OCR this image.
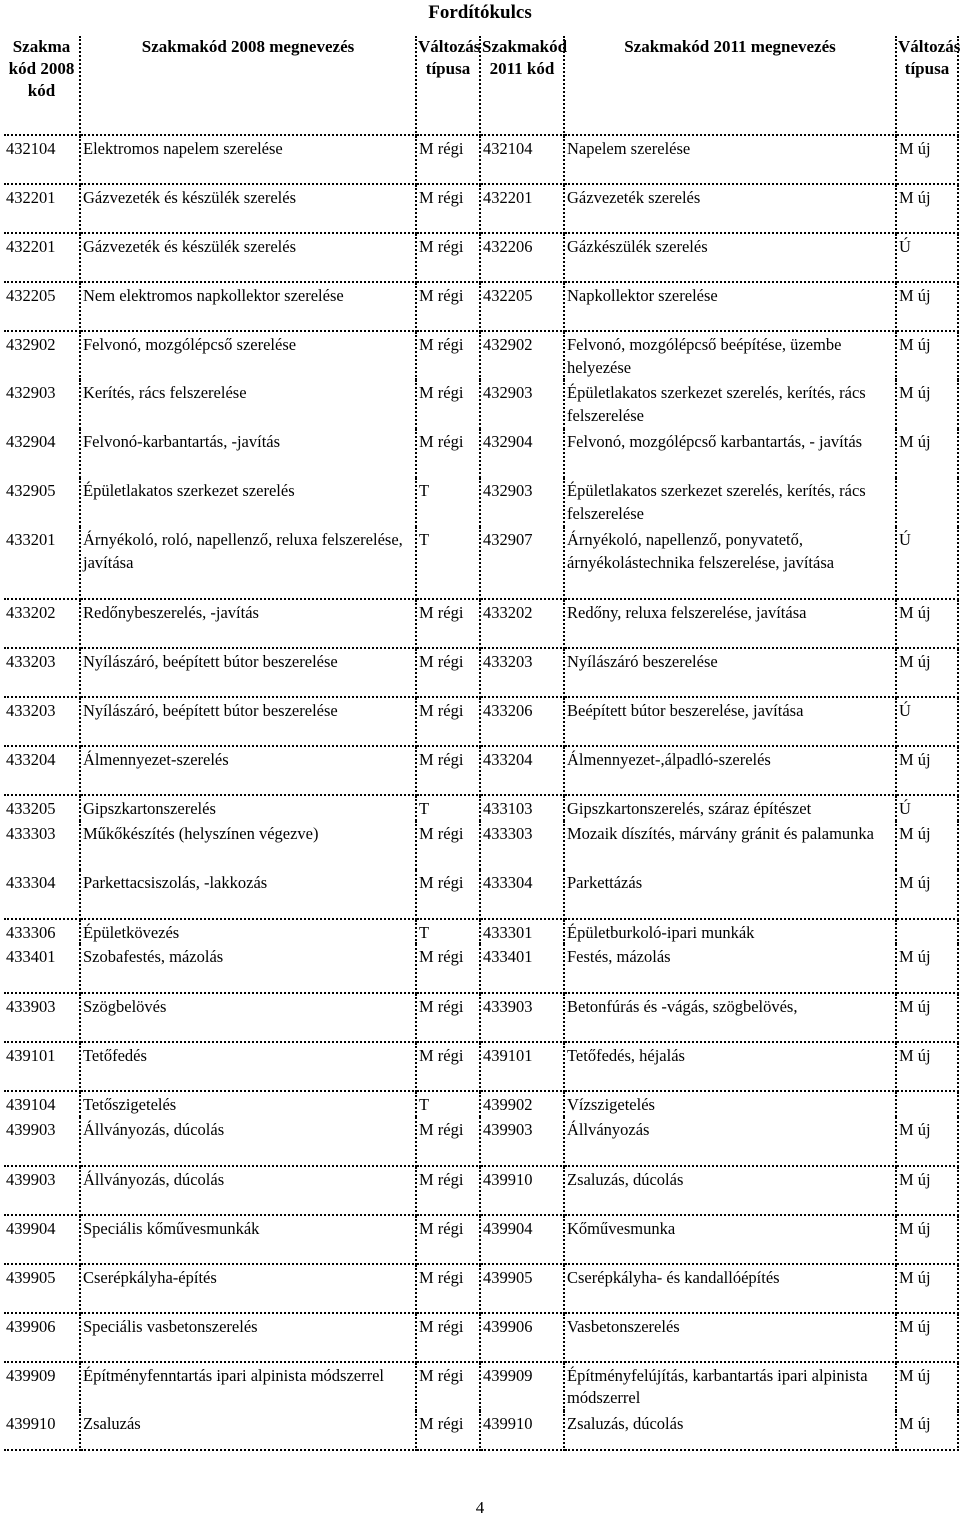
Fordítókulcs
Szakma kód 2008 kód	Szakmakód 2008 megnevezés	Változás típusa	Szakmakód 2011 kód	Szakmakód 2011 megnevezés	Változás típusa
432104	Elektromos napelem szerelése	M régi	432104	Napelem szerelése	M új
432201	Gázvezeték és készülék szerelés	M régi	432201	Gázvezeték szerelés	M új
432201	Gázvezeték és készülék szerelés	M régi	432206	Gázkészülék szerelés	Ú
432205	Nem elektromos napkollektor szerelése	M régi	432205	Napkollektor szerelése	M új
432902	Felvonó, mozgólépcső szerelése	M régi	432902	Felvonó, mozgólépcső beépítése, üzembe helyezése	M új
432903	Kerítés, rács felszerelése	M régi	432903	Épületlakatos szerkezet szerelés, kerítés, rács felszerelése	M új
432904	Felvonó-karbantartás, -javítás	M régi	432904	Felvonó, mozgólépcső karbantartás, - javítás	M új
432905	Épületlakatos szerkezet szerelés	T	432903	Épületlakatos szerkezet szerelés, kerítés, rács felszerelése	
433201	Árnyékoló, roló, napellenző, reluxa felszerelése, javítása	T	432907	Árnyékoló, napellenző, ponyvatető, árnyékolástechnika felszerelése, javítása	Ú
433202	Redőnybeszerelés, -javítás	M régi	433202	Redőny, reluxa felszerelése, javítása	M új
433203	Nyílászáró, beépített bútor beszerelése	M régi	433203	Nyílászáró beszerelése	M új
433203	Nyílászáró, beépített bútor beszerelése	M régi	433206	Beépített bútor beszerelése, javítása	Ú
433204	Álmennyezet-szerelés	M régi	433204	Álmennyezet-,álpadló-szerelés	M új
433205	Gipszkartonszerelés	T	433103	Gipszkartonszerelés, száraz építészet	Ú
433303	Műkőkészítés (helyszínen végezve)	M régi	433303	Mozaik díszítés, márvány gránit és palamunka	M új
433304	Parkettacsiszolás, -lakkozás	M régi	433304	Parkettázás	M új
433306	Épületkövezés	T	433301	Épületburkoló-ipari munkák	
433401	Szobafestés, mázolás	M régi	433401	Festés, mázolás	M új
433903	Szögbelövés	M régi	433903	Betonfúrás és -vágás, szögbelövés,	M új
439101	Tetőfedés	M régi	439101	Tetőfedés, héjalás	M új
439104	Tetőszigetelés	T	439902	Vízszigetelés	
439903	Állványozás, dúcolás	M régi	439903	Állványozás	M új
439903	Állványozás, dúcolás	M régi	439910	Zsaluzás, dúcolás	M új
439904	Speciális kőművesmunkák	M régi	439904	Kőművesmunka	M új
439905	Cserépkályha-építés	M régi	439905	Cserépkályha- és kandallóépítés	M új
439906	Speciális vasbetonszerelés	M régi	439906	Vasbetonszerelés	M új
439909	Építményfenntartás ipari alpinista módszerrel	M régi	439909	Építményfelújítás, karbantartás ipari alpinista módszerrel	M új
439910	Zsaluzás	M régi	439910	Zsaluzás, dúcolás	M új
4
